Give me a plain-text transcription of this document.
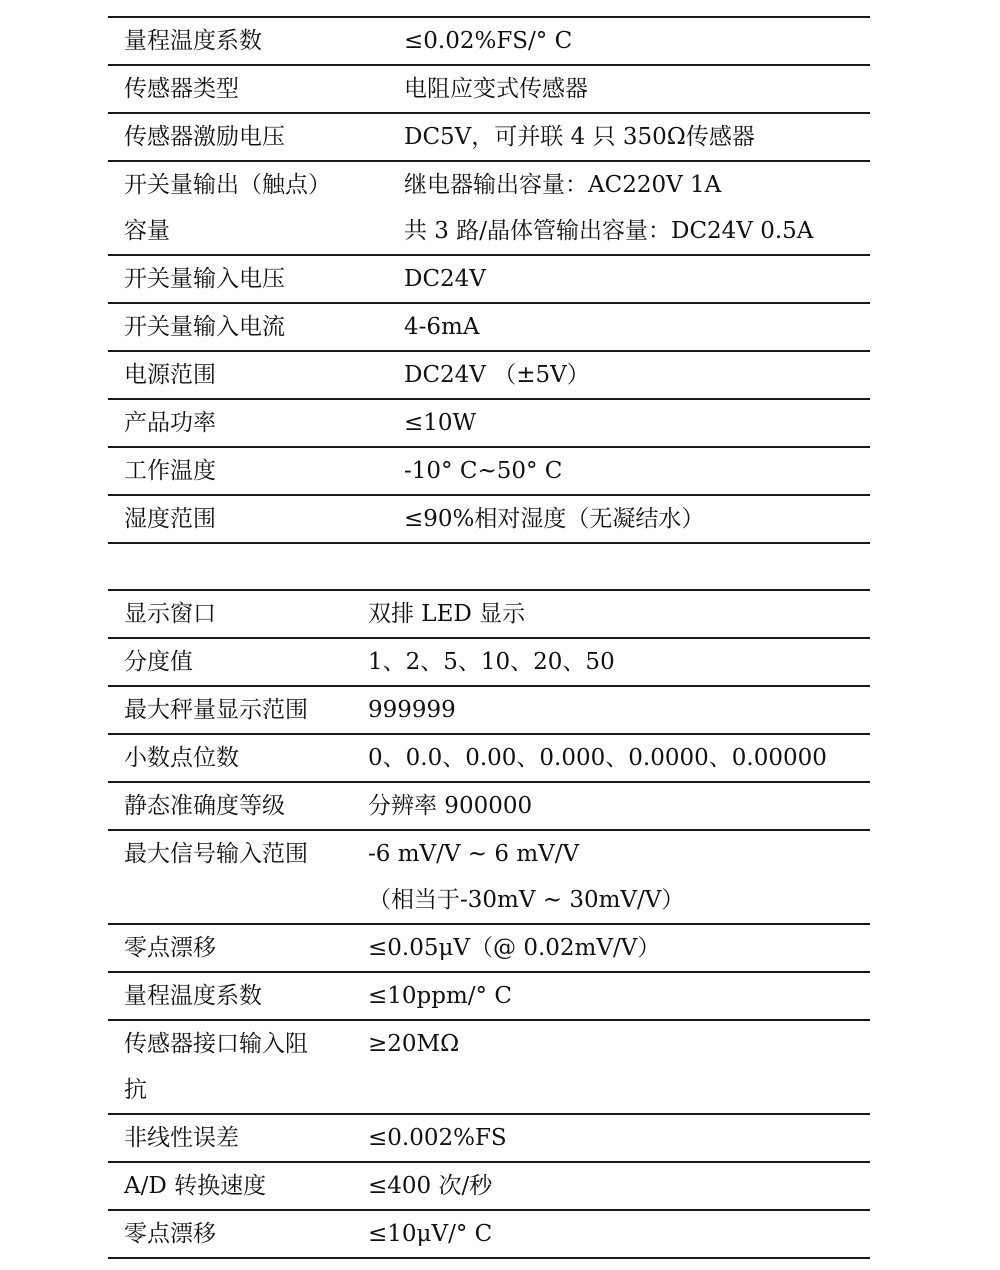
量程温度系数	≤0.02%FS/° C

传感器类型	电阻应变式传感器

传感器激励电压	DC5V，可并联 4 只 350Ω传感器

开关量输出（触点）
容量	继电器输出容量：AC220V 1A
共 3 路/晶体管输出容量：DC24V 0.5A

开关量输入电压	DC24V

开关量输入电流	4-6mA

电源范围	DC24V （±5V）

产品功率	≤10W

工作温度	-10° C~50° C

湿度范围	≤90%相对湿度（无凝结水）
显示窗口	双排 LED 显示

分度值	1、2、5、10、20、50

最大秤量显示范围	999999

小数点位数	0、0.0、0.00、0.000、0.0000、0.00000

静态准确度等级	分辨率 900000

最大信号输入范围	-6 mV/V ~ 6 mV/V
（相当于-30mV ~ 30mV/V）

零点漂移	≤0.05μV（@ 0.02mV/V）

量程温度系数	≤10ppm/° C

传感器接口输入阻
抗	≥20MΩ

非线性误差	≤0.002%FS

A/D 转换速度	≤400 次/秒

零点漂移	≤10μV/° C
